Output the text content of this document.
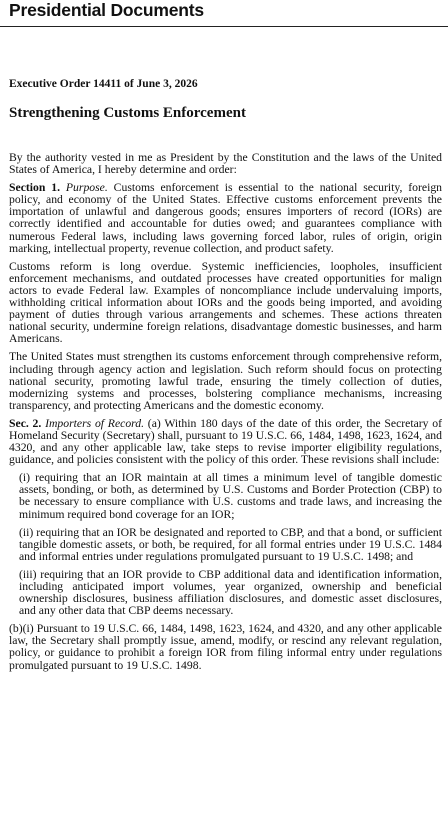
Presidential Documents
Executive Order 14411 of June 3, 2026
Strengthening Customs Enforcement

By the authority vested in me as President by the Constitution and the laws of the United States of America, I hereby determine and order:

Section 1. Purpose. Customs enforcement is essential to the national security, foreign policy, and economy of the United States. Effective customs enforcement prevents the importation of unlawful and dangerous goods; ensures importers of record (IORs) are correctly identified and accountable for duties owed; and guarantees compliance with numerous Federal laws, including laws governing forced labor, rules of origin, origin marking, intellectual property, revenue collection, and product safety.

Customs reform is long overdue. Systemic inefficiencies, loopholes, insufficient enforcement mechanisms, and outdated processes have created opportunities for malign actors to evade Federal law. Examples of noncompliance include undervaluing imports, withholding critical information about IORs and the goods being imported, and avoiding payment of duties through various arrangements and schemes. These actions threaten national security, undermine foreign relations, disadvantage domestic businesses, and harm Americans.

The United States must strengthen its customs enforcement through comprehensive reform, including through agency action and legislation. Such reform should focus on protecting national security, promoting lawful trade, ensuring the timely collection of duties, modernizing systems and processes, bolstering compliance mechanisms, increasing transparency, and protecting Americans and the domestic economy.

Sec. 2. Importers of Record. (a) Within 180 days of the date of this order, the Secretary of Homeland Security (Secretary) shall, pursuant to 19 U.S.C. 66, 1484, 1498, 1623, 1624, and 4320, and any other applicable law, take steps to revise importer eligibility regulations, guidance, and policies consistent with the policy of this order. These revisions shall include:

(i) requiring that an IOR maintain at all times a minimum level of tangible domestic assets, bonding, or both, as determined by U.S. Customs and Border Protection (CBP) to be necessary to ensure compliance with U.S. customs and trade laws, and increasing the minimum required bond coverage for an IOR;

(ii) requiring that an IOR be designated and reported to CBP, and that a bond, or sufficient tangible domestic assets, or both, be required, for all formal entries under 19 U.S.C. 1484 and informal entries under regulations promulgated pursuant to 19 U.S.C. 1498; and

(iii) requiring that an IOR provide to CBP additional data and identification information, including anticipated import volumes, year organized, ownership and beneficial ownership disclosures, business affiliation disclosures, and domestic asset disclosures, and any other data that CBP deems necessary.

(b)(i) Pursuant to 19 U.S.C. 66, 1484, 1498, 1623, 1624, and 4320, and any other applicable law, the Secretary shall promptly issue, amend, modify, or rescind any relevant regulation, policy, or guidance to prohibit a foreign IOR from filing informal entry under regulations promulgated pursuant to 19 U.S.C. 1498.
